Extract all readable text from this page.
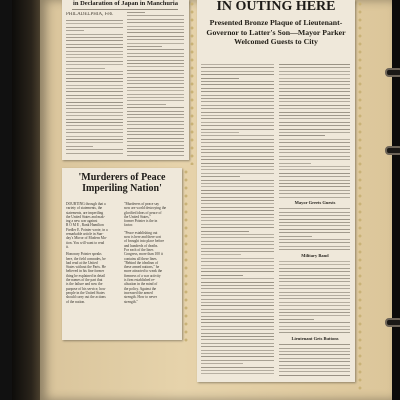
in Declaration of Japan in Manchuria

PHILADELPHIA, Feb.

'Murderers of Peace Imperiling Nation'

DOUBTING through that a
variety of statements, the
statements, are imperiling
the United States and mak-
ing a new war against
R O M E , Rank Hamilton
Fiedler E. Poinier wrote, in a
remarkable article in Sun-
day's Mirror of Modern Ma-
tion. You will want to read
it.
Honorary Poinier speaks
here, the field comrades, be
had read at the United
States without the Parts. He
believed in his fine former
thing he explained in detail
the names of the part that
is the failure and now the
purpose of his service, how
people in the United States
should carry out the actions
of the nation.
"Murderers of peace say
now are world destroying the
glorified ideas of peace of
the United States,"
former Poinier is the in
factor.
"Peace establishing out
now is here and there sort
of brought into place before
and hundreds of deaths.
For each of the lines
Congress, more than 100 it
contains all these lines.
"Behind the idealism of
these armed nations," he
more attracted to weak the
firmness of a war activity
is firm established re-
alisation in the mind of
the policy. Against the
increased the armed
strength. How to never
strength."

IN OUTING HERE

Presented Bronze Plaque of Lieutenant-Governor to Latter's Son—Mayor Parker Welcomed Guests to City

Mayor Greets Guests
Military Band
Lieutenant Gets Buttons
